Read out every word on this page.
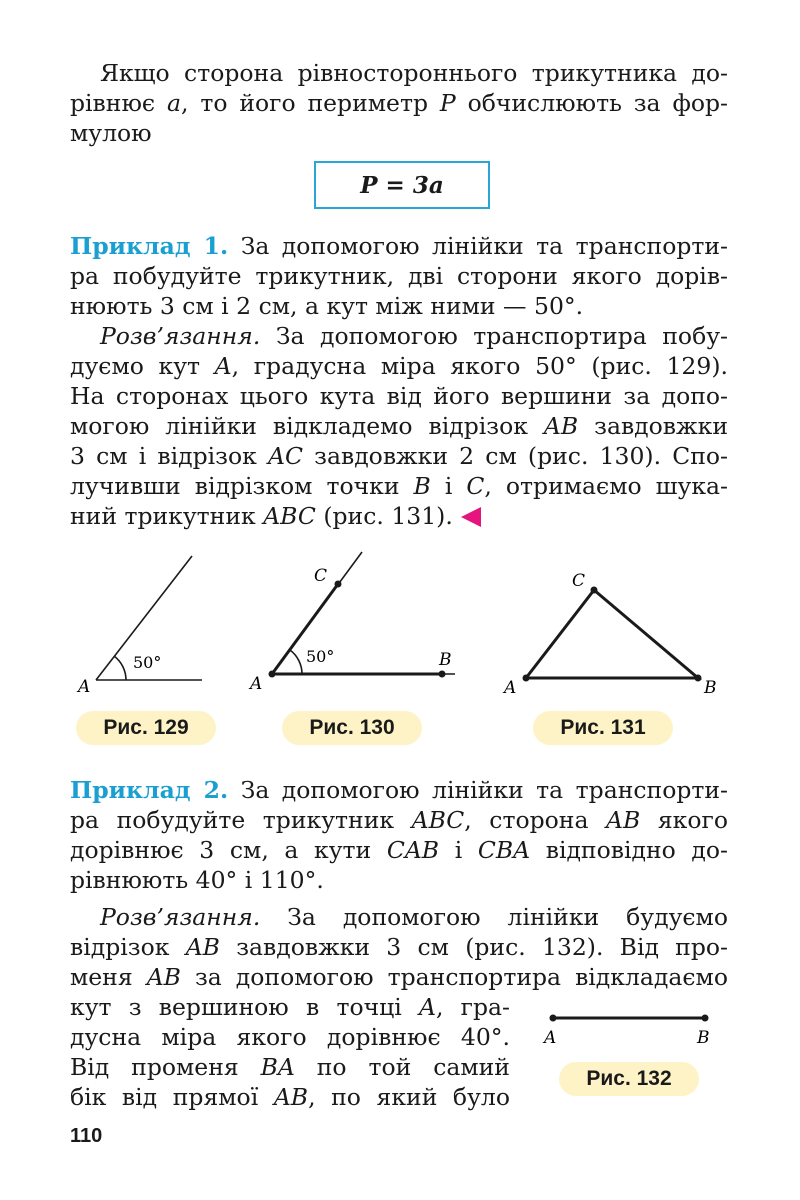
Якщо сторона рівностороннього трикутника до-
рівнює a, то його периметр P обчислюють за фор-
мулою
P = 3a
Приклад 1. За допомогою лінійки та транспорти-
ра побудуйте трикутник, дві сторони якого дорів-
нюють 3 см і 2 см, а кут між ними — 50°.
Розв’язання. За допомогою транспортира побу-
дуємо кут A, градусна міра якого 50° (рис. 129).
На сторонах цього кута від його вершини за допо-
могою лінійки відкладемо відрізок AB завдовжки
3 см і відрізок AC завдовжки 2 см (рис. 130). Спо-
лучивши відрізком точки B і C, отримаємо шука-
ний трикутник ABC (рис. 131).
50°
A
50°
A
B
C
A	B
C
Рис. 129	Рис. 130	Рис. 131
Приклад 2. За допомогою лінійки та транспорти-
ра побудуйте трикутник ABC, сторона AB якого
дорівнює 3 см, а кути CAB і CBA відповідно до-
рівнюють 40° і 110°.
Розв’язання. За допомогою лінійки будуємо
відрізок AB завдовжки 3 см (рис. 132). Від про-
меня AB за допомогою транспортира відкладаємо
кут з вершиною в точці A, гра-
дусна міра якого дорівнює 40°.
Від променя BA по той самий
бік від прямої AB, по який було
A	B
Рис. 132
110
